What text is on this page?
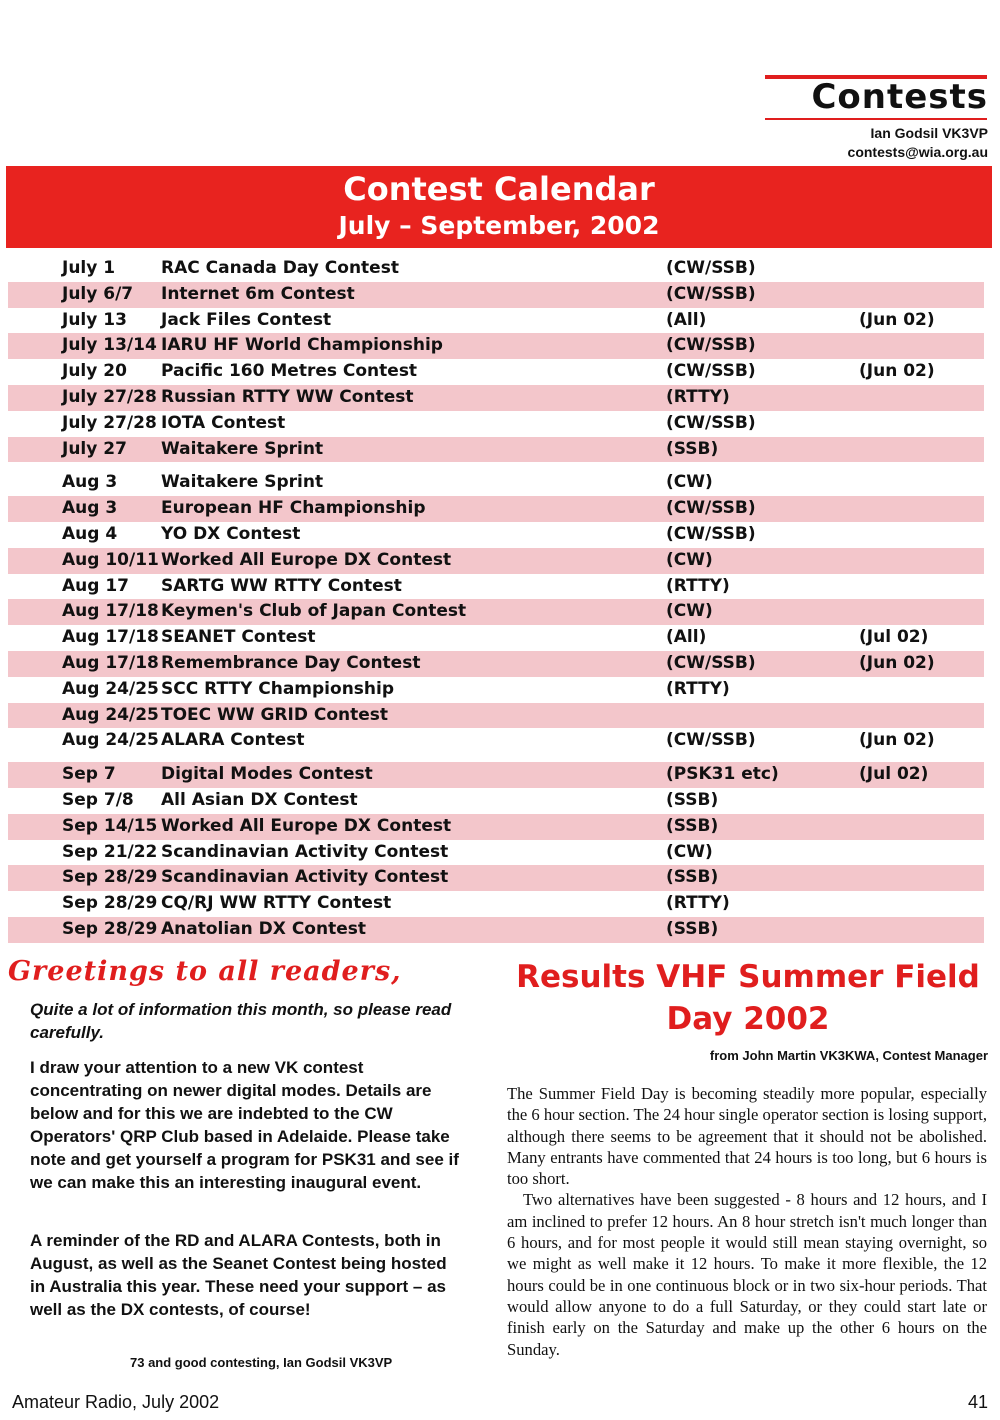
Contests
Ian Godsil VK3VP
contests@wia.org.au
Contest Calendar
July – September, 2002
July 1	RAC Canada Day Contest	(CW/SSB)
July 6/7 Internet 6m Contest	(CW/SSB)
July 13 Jack Files Contest	(All)	(Jun 02)
July 13/14 IARU HF World Championship	(CW/SSB)
July 20 Pacific 160 Metres Contest	(CW/SSB)	(Jun 02)
July 27/28 Russian RTTY WW Contest	(RTTY)
July 27/28 IOTA Contest	(CW/SSB)
July 27 Waitakere Sprint	(SSB)
Aug 3	Waitakere Sprint	(CW)
Aug 3	European HF Championship	(CW/SSB)
Aug 4	YO DX Contest	(CW/SSB)
Aug 10/11 Worked All Europe DX Contest	(CW)
Aug 17 SARTG WW RTTY Contest	(RTTY)
Aug 17/18 Keymen's Club of Japan Contest	(CW)
Aug 17/18 SEANET Contest	(All)	(Jul 02)
Aug 17/18 Remembrance Day Contest	(CW/SSB)	(Jun 02)
Aug 24/25 SCC RTTY Championship	(RTTY)
Aug 24/25 TOEC WW GRID Contest
Aug 24/25 ALARA Contest	(CW/SSB)	(Jun 02)
Sep 7	Digital Modes Contest	(PSK31 etc)	(Jul 02)
Sep 7/8 All Asian DX Contest	(SSB)
Sep 14/15 Worked All Europe DX Contest	(SSB)
Sep 21/22 Scandinavian Activity Contest	(CW)
Sep 28/29 Scandinavian Activity Contest	(SSB)
Sep 28/29 CQ/RJ WW RTTY Contest	(RTTY)
Sep 28/29 Anatolian DX Contest	(SSB)
Greetings to all readers,
Quite a lot of information this month, so please read carefully.
I draw your attention to a new VK contest concentrating on newer digital modes. Details are below and for this we are indebted to the CW Operators' QRP Club based in Adelaide. Please take note and get yourself a program for PSK31 and see if we can make this an interesting inaugural event.
A reminder of the RD and ALARA Contests, both in August, as well as the Seanet Contest being hosted in Australia this year. These need your support – as well as the DX contests, of course!
73 and good contesting, Ian Godsil VK3VP
Results VHF Summer Field Day 2002
from John Martin VK3KWA, Contest Manager

The Summer Field Day is becoming steadily more popular, especially the 6 hour section. The 24 hour single operator section is losing support, although there seems to be agreement that it should not be abolished. Many entrants have commented that 24 hours is too long, but 6 hours is too short.

Two alternatives have been suggested - 8 hours and 12 hours, and I am inclined to prefer 12 hours. An 8 hour stretch isn't much longer than 6 hours, and for most people it would still mean staying overnight, so we might as well make it 12 hours. To make it more flexible, the 12 hours could be in one continuous block or in two six-hour periods. That would allow anyone to do a full Saturday, or they could start late or finish early on the Saturday and make up the other 6 hours on the Sunday.

Amateur Radio, July 2002	41
